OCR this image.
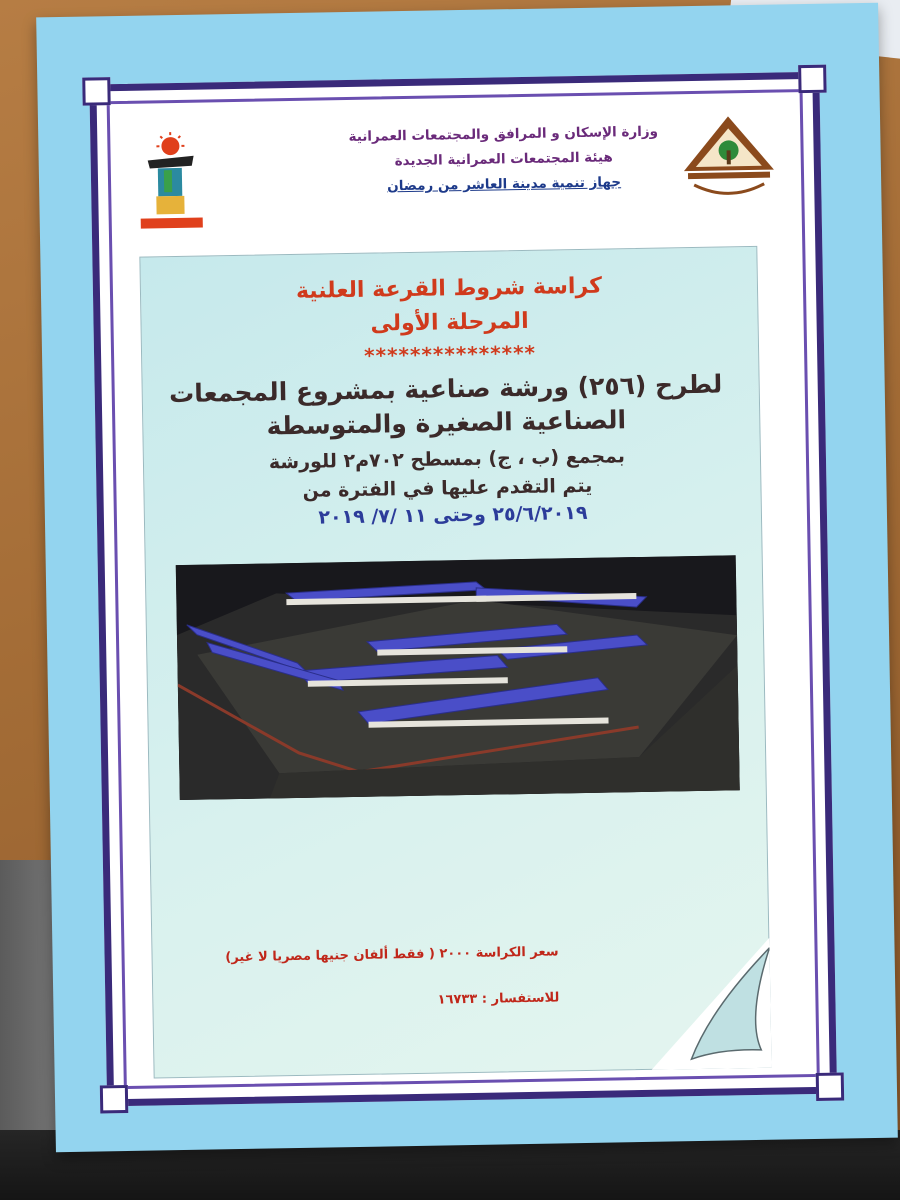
وزارة الإسكان و المرافق والمجتمعات العمرانية
هيئة المجتمعات العمرانية الجديدة
جهاز تنمية مدينة العاشر من رمضان
كراسة شروط القرعة العلنية
المرحلة الأولى
***************
لطرح (٢٥٦) ورشة صناعية بمشروع المجمعات
الصناعية الصغيرة والمتوسطة
بمجمع (ب ، ج) بمسطح ٧٠٢م٢ للورشة
يتم التقدم عليها في الفترة من
٢٥/٦/٢٠١٩ وحتى ١١ /٧/ ٢٠١٩
سعر الكراسة ٢٠٠٠ ( فقط ألفان جنيها مصريا لا غير)
للاستفسار : ١٦٧٣٣
